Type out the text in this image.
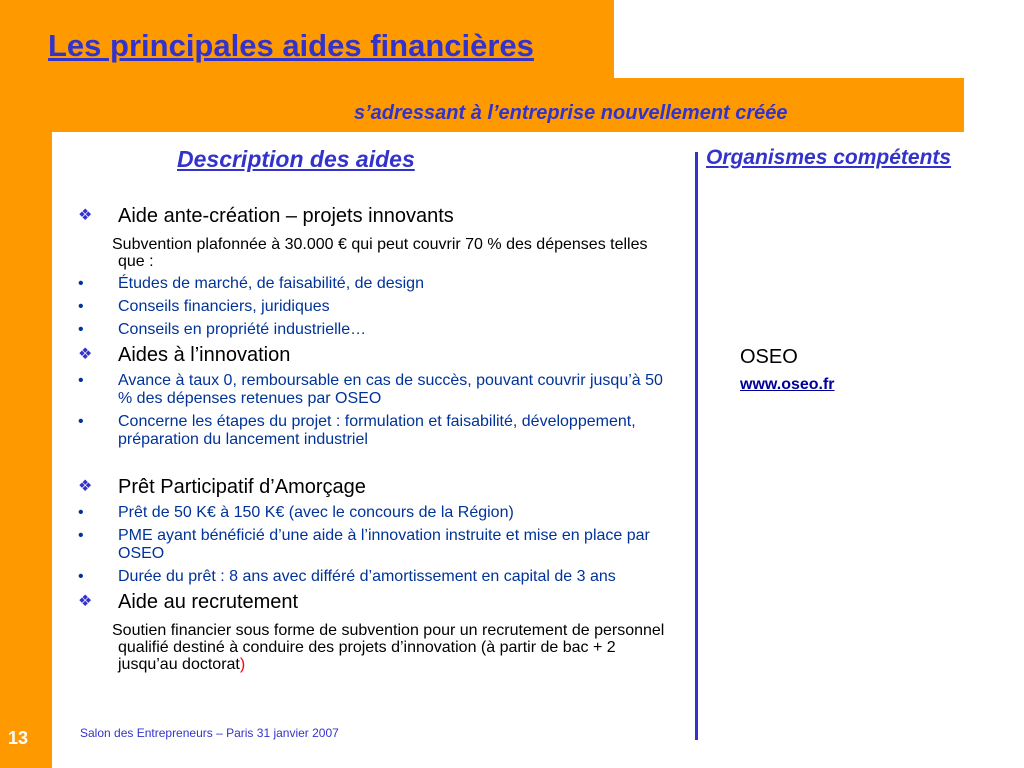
Les principales aides financières
s’adressant à l’entreprise nouvellement créée
Description des aides	Organismes compétents
❖	Aide ante-création – projets innovants
Subvention plafonnée à 30.000 € qui peut couvrir 70 % des dépenses telles que :
•	Études de marché, de faisabilité, de design
•	Conseils financiers, juridiques
•	Conseils en propriété industrielle…
❖	Aides à l’innovation
•	Avance à taux 0, remboursable en cas de succès, pouvant couvrir jusqu’à 50 % des dépenses retenues par OSEO
•	Concerne les étapes du projet : formulation et faisabilité, développement, préparation du lancement industriel
❖	Prêt Participatif d’Amorçage
•	Prêt de 50 K€ à 150 K€ (avec le concours de la Région)
•	PME ayant bénéficié d’une aide à l’innovation instruite et mise en place par OSEO
•	Durée du prêt : 8 ans avec différé d’amortissement en capital de 3 ans
❖	Aide au recrutement
Soutien financier sous forme de subvention pour un recrutement de personnel qualifié destiné à conduire des projets d’innovation (à partir de bac + 2 jusqu’au doctorat)
OSEO
www.oseo.fr
13	Salon des Entrepreneurs – Paris 31 janvier 2007
